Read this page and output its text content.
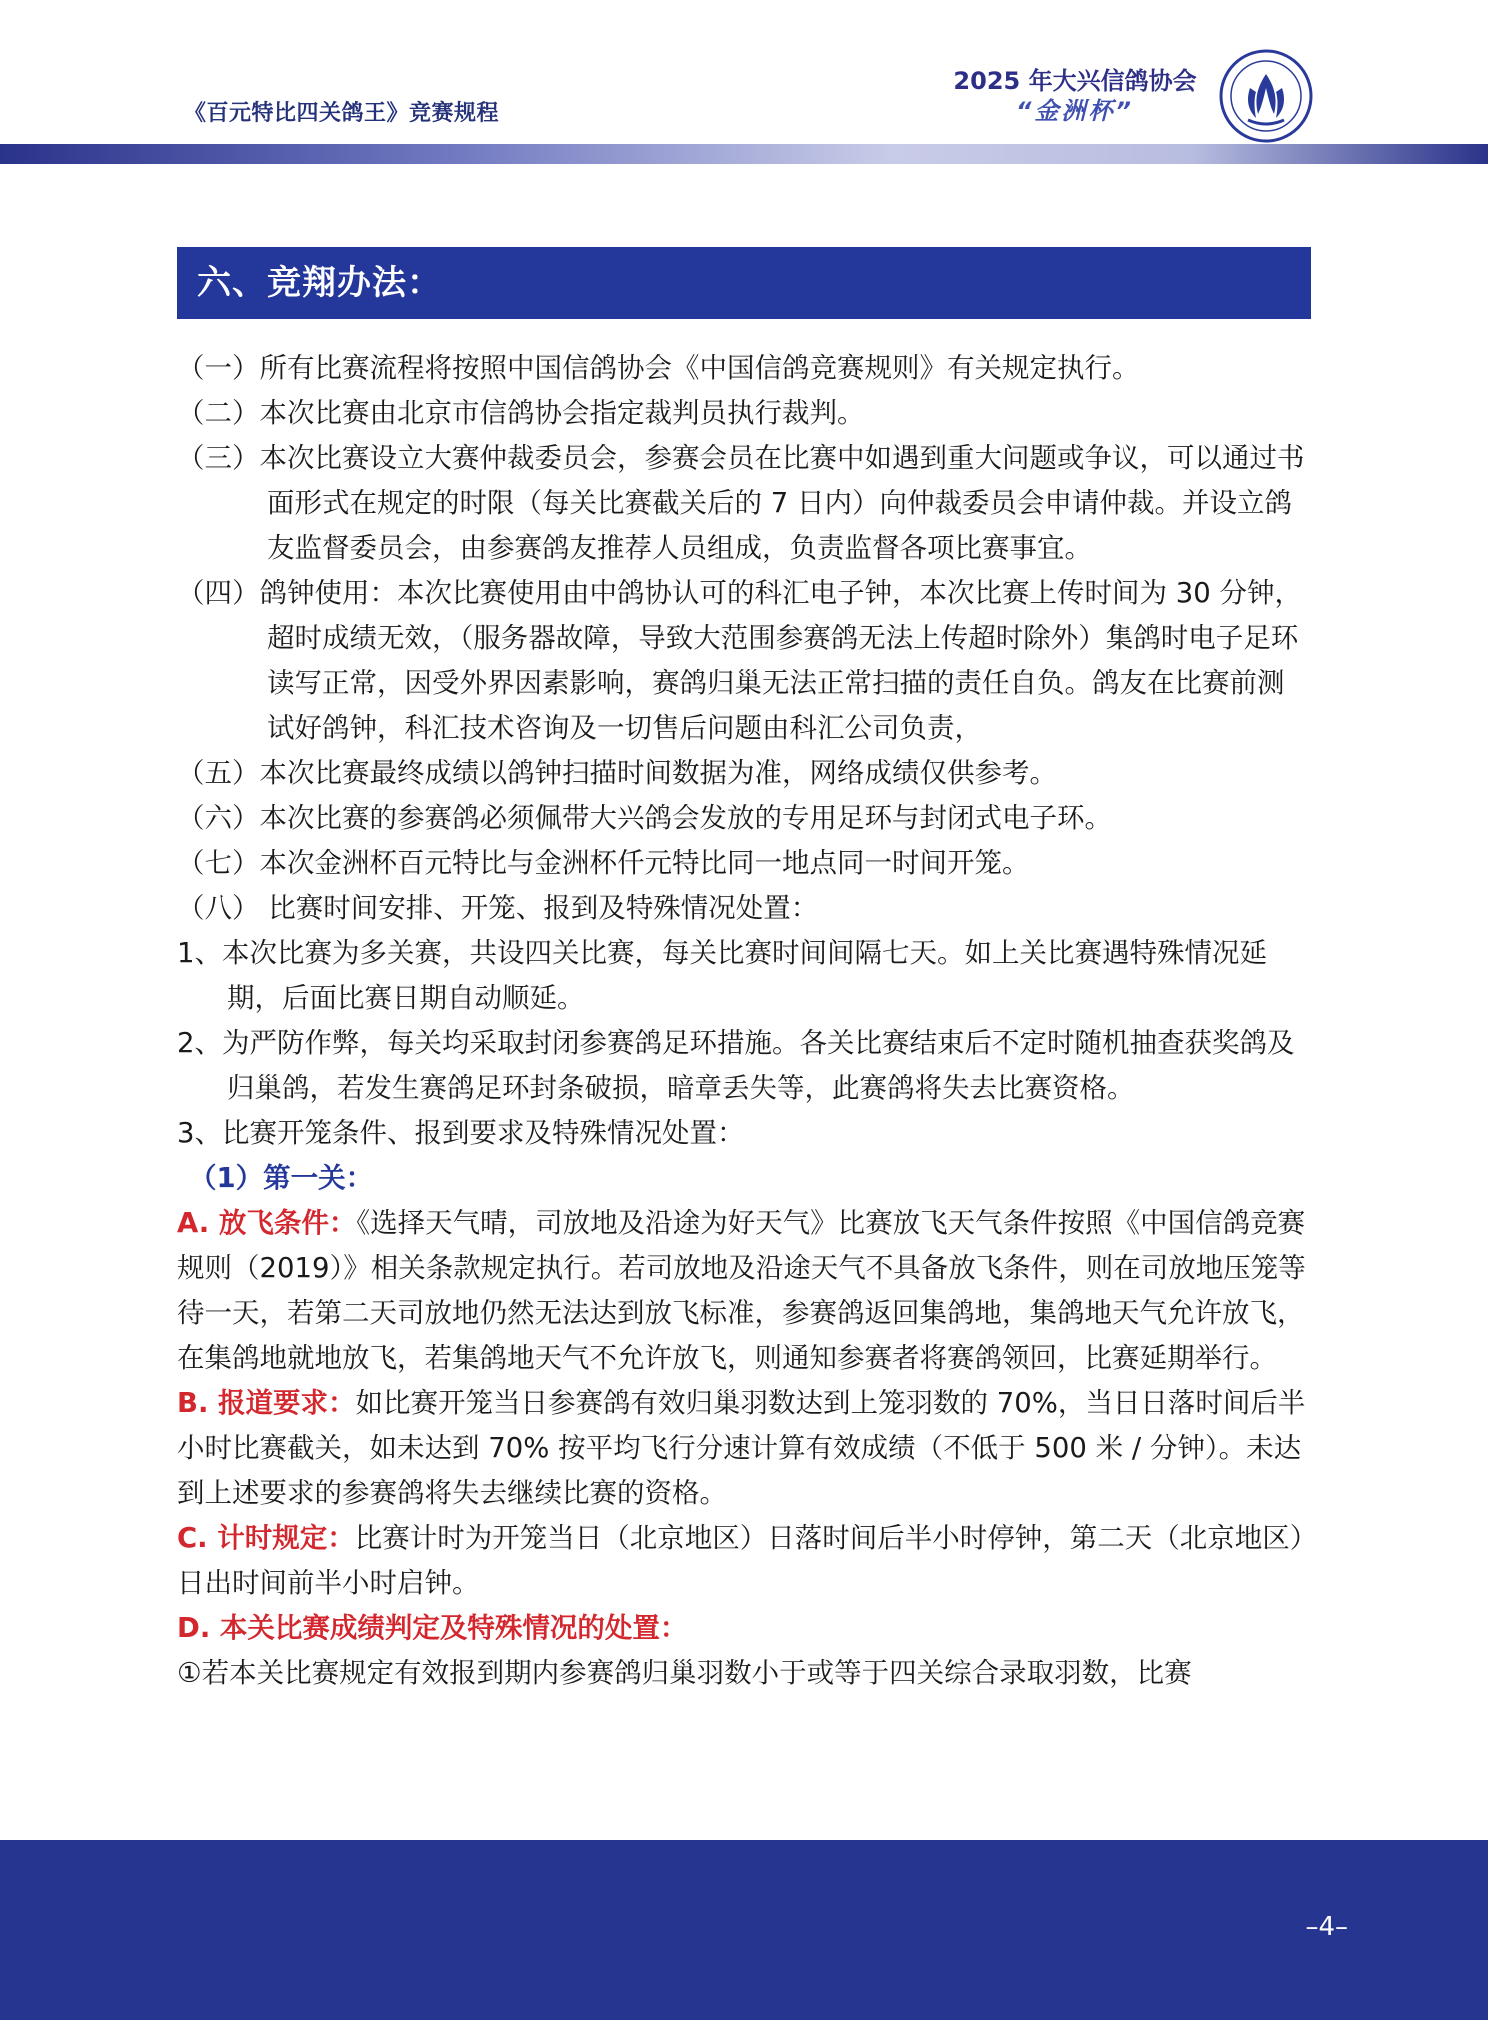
《百元特比四关鸽王》竞赛规程
2025 年大兴信鸽协会
“金洲杯”
六、竞翔办法：

（一）所有比赛流程将按照中国信鸽协会《中国信鸽竞赛规则》有关规定执行。

（二）本次比赛由北京市信鸽协会指定裁判员执行裁判。

（三）本次比赛设立大赛仲裁委员会，参赛会员在比赛中如遇到重大问题或争议，可以通过书面形式在规定的时限（每关比赛截关后的 7 日内）向仲裁委员会申请仲裁。并设立鸽友监督委员会，由参赛鸽友推荐人员组成，负责监督各项比赛事宜。

（四）鸽钟使用：本次比赛使用由中鸽协认可的科汇电子钟，本次比赛上传时间为 30 分钟，超时成绩无效，（服务器故障，导致大范围参赛鸽无法上传超时除外）集鸽时电子足环读写正常，因受外界因素影响，赛鸽归巢无法正常扫描的责任自负。鸽友在比赛前测试好鸽钟，科汇技术咨询及一切售后问题由科汇公司负责，

（五）本次比赛最终成绩以鸽钟扫描时间数据为准，网络成绩仅供参考。

（六）本次比赛的参赛鸽必须佩带大兴鸽会发放的专用足环与封闭式电子环。

（七）本次金洲杯百元特比与金洲杯仟元特比同一地点同一时间开笼。

（八） 比赛时间安排、开笼、报到及特殊情况处置：

1、本次比赛为多关赛，共设四关比赛，每关比赛时间间隔七天。如上关比赛遇特殊情况延期，后面比赛日期自动顺延。

2、为严防作弊，每关均采取封闭参赛鸽足环措施。各关比赛结束后不定时随机抽查获奖鸽及归巢鸽，若发生赛鸽足环封条破损，暗章丢失等，此赛鸽将失去比赛资格。

3、比赛开笼条件、报到要求及特殊情况处置：

（1）第一关：

A. 放飞条件：《选择天气晴，司放地及沿途为好天气》比赛放飞天气条件按照《中国信鸽竞赛规则（2019）》相关条款规定执行。若司放地及沿途天气不具备放飞条件，则在司放地压笼等待一天，若第二天司放地仍然无法达到放飞标准，参赛鸽返回集鸽地，集鸽地天气允许放飞，在集鸽地就地放飞，若集鸽地天气不允许放飞，则通知参赛者将赛鸽领回，比赛延期举行。

B. 报道要求：如比赛开笼当日参赛鸽有效归巢羽数达到上笼羽数的 70%，当日日落时间后半小时比赛截关，如未达到 70% 按平均飞行分速计算有效成绩（不低于 500 米 / 分钟）。未达到上述要求的参赛鸽将失去继续比赛的资格。

C. 计时规定：比赛计时为开笼当日（北京地区）日落时间后半小时停钟，第二天（北京地区）日出时间前半小时启钟。

D. 本关比赛成绩判定及特殊情况的处置：

①若本关比赛规定有效报到期内参赛鸽归巢羽数小于或等于四关综合录取羽数，比赛

–4–
